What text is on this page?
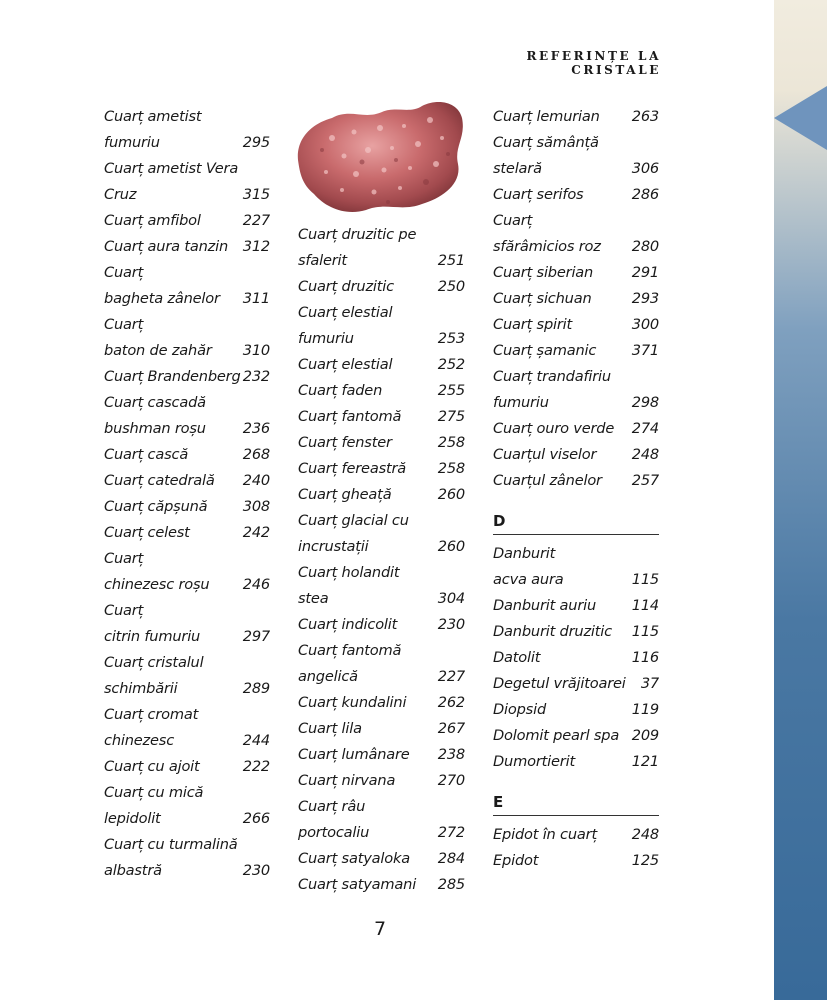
REFERINȚE LA CRISTALE
Cuarț ametist
fumuriu	295
Cuarț ametist Vera
Cruz	315
Cuarț amfibol	227
Cuarț aura tanzin 312
Cuarț
bagheta zânelor 311
Cuarț
baton de zahăr 310
Cuarț Brandenberg 232
Cuarț cascadă
bushman roșu	236
Cuarț cască	268
Cuarț catedrală 240
Cuarț căpșună 308
Cuarț celest	242
Cuarț
chinezesc roșu 246
Cuarț
citrin fumuriu	297
Cuarț cristalul
schimbării	289
Cuarț cromat
chinezesc	244
Cuarț cu ajoit	222
Cuarț cu mică
lepidolit	266
Cuarț cu turmalină
albastră	230
Cuarț druzitic pe
sfalerit	251
Cuarț druzitic	250
Cuarț elestial
fumuriu	253
Cuarț elestial	252
Cuarț faden	255
Cuarț fantomă 275
Cuarț fenster	258
Cuarț fereastră 258
Cuarț gheață	260
Cuarț glacial cu
incrustații	260
Cuarț holandit
stea	304
Cuarț indicolit	230
Cuarț fantomă
angelică	227
Cuarț kundalini 262
Cuarț lila	267
Cuarț lumânare 238
Cuarț nirvana	270
Cuarț râu
portocaliu	272
Cuarț satyaloka 284
Cuarț satyamani 285
Cuarț lemurian 263
Cuarț sămânță
stelară	306
Cuarț serifos	286
Cuarț
sfărâmicios roz 280
Cuarț siberian	291
Cuarț sichuan	293
Cuarț spirit	300
Cuarț șamanic 371
Cuarț trandafiriu
fumuriu	298
Cuarț ouro verde 274
Cuarțul viselor 248
Cuarțul zânelor 257
D
Danburit
acva aura	115
Danburit auriu 114
Danburit druzitic 115
Datolit	116
Degetul vrăjitoarei 37
Diopsid	119
Dolomit pearl spa 209
Dumortierit	121
E
Epidot în cuarț 248
Epidot	125
7
